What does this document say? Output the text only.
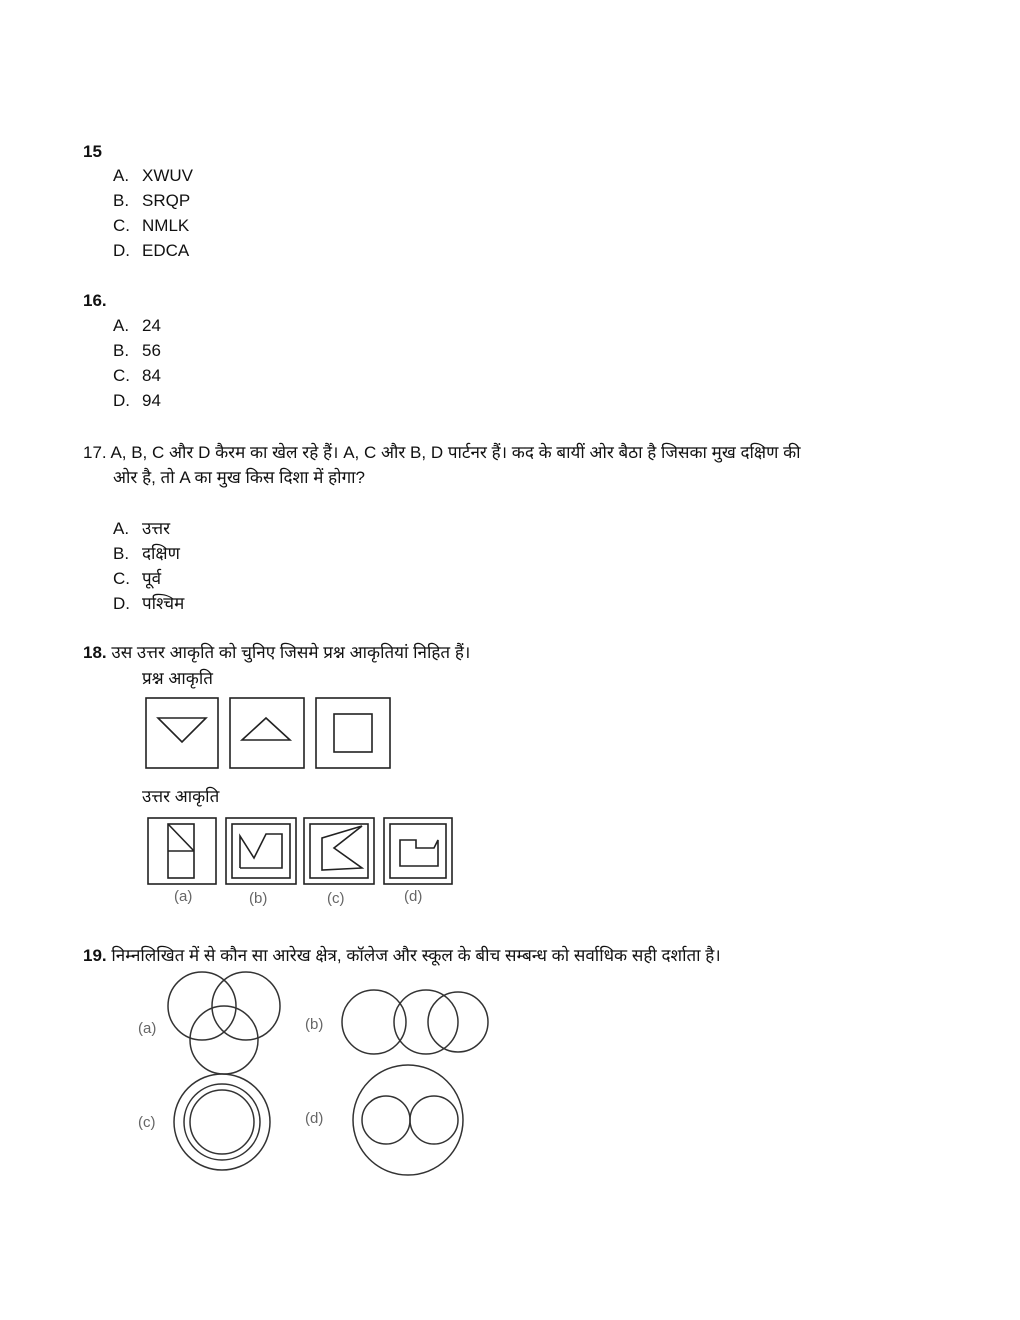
15
A. XWUV
B. SRQP
C. NMLK
D. EDCA
16.
A. 24
B. 56
C. 84
D. 94
17. A, B, C और D कैरम का खेल रहे हैं। A, C और B, D पार्टनर हैं। कद के बायीं ओर बैठा है जिसका मुख दक्षिण की
ओर है, तो A का मुख किस दिशा में होगा?
A. उत्तर
B. दक्षिण
C. पूर्व
D. पश्चिम
18. उस उत्तर आकृति को चुनिए जिसमे प्रश्न आकृतियां निहित हैं।
प्रश्न आकृति
उत्तर आकृति
(a)	(b)	(c)	(d)
19. निम्नलिखित में से कौन सा आरेख क्षेत्र, कॉलेज और स्कूल के बीच सम्बन्ध को सर्वाधिक सही दर्शाता है।
(a)	(b)
(c)	(d)
